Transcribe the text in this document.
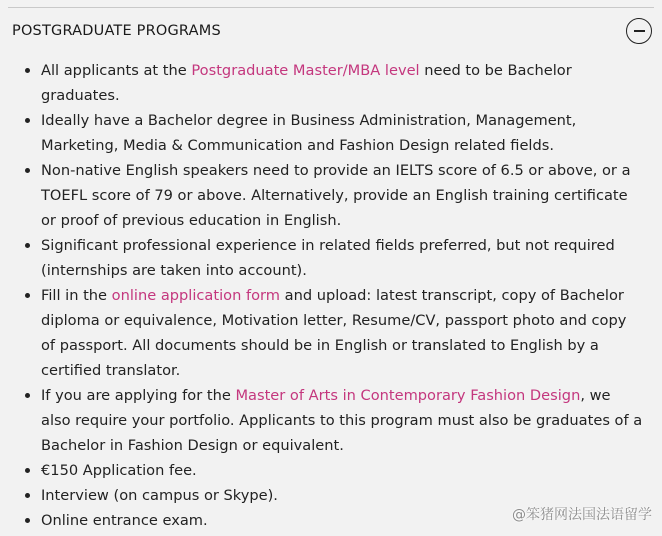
POSTGRADUATE PROGRAMS
All applicants at the Postgraduate Master/MBA level need to be Bachelor graduates.
Ideally have a Bachelor degree in Business Administration, Management, Marketing, Media & Communication and Fashion Design related fields.
Non-native English speakers need to provide an IELTS score of 6.5 or above, or a TOEFL score of 79 or above. Alternatively, provide an English training certificate or proof of previous education in English.
Significant professional experience in related fields preferred, but not required (internships are taken into account).
Fill in the online application form and upload: latest transcript, copy of Bachelor diploma or equivalence, Motivation letter, Resume/CV, passport photo and copy of passport. All documents should be in English or translated to English by a certified translator.
If you are applying for the Master of Arts in Contemporary Fashion Design, we also require your portfolio. Applicants to this program must also be graduates of a Bachelor in Fashion Design or equivalent.
€150 Application fee.
Interview (on campus or Skype).
Online entrance exam.	@笨猪网法国法语留学
